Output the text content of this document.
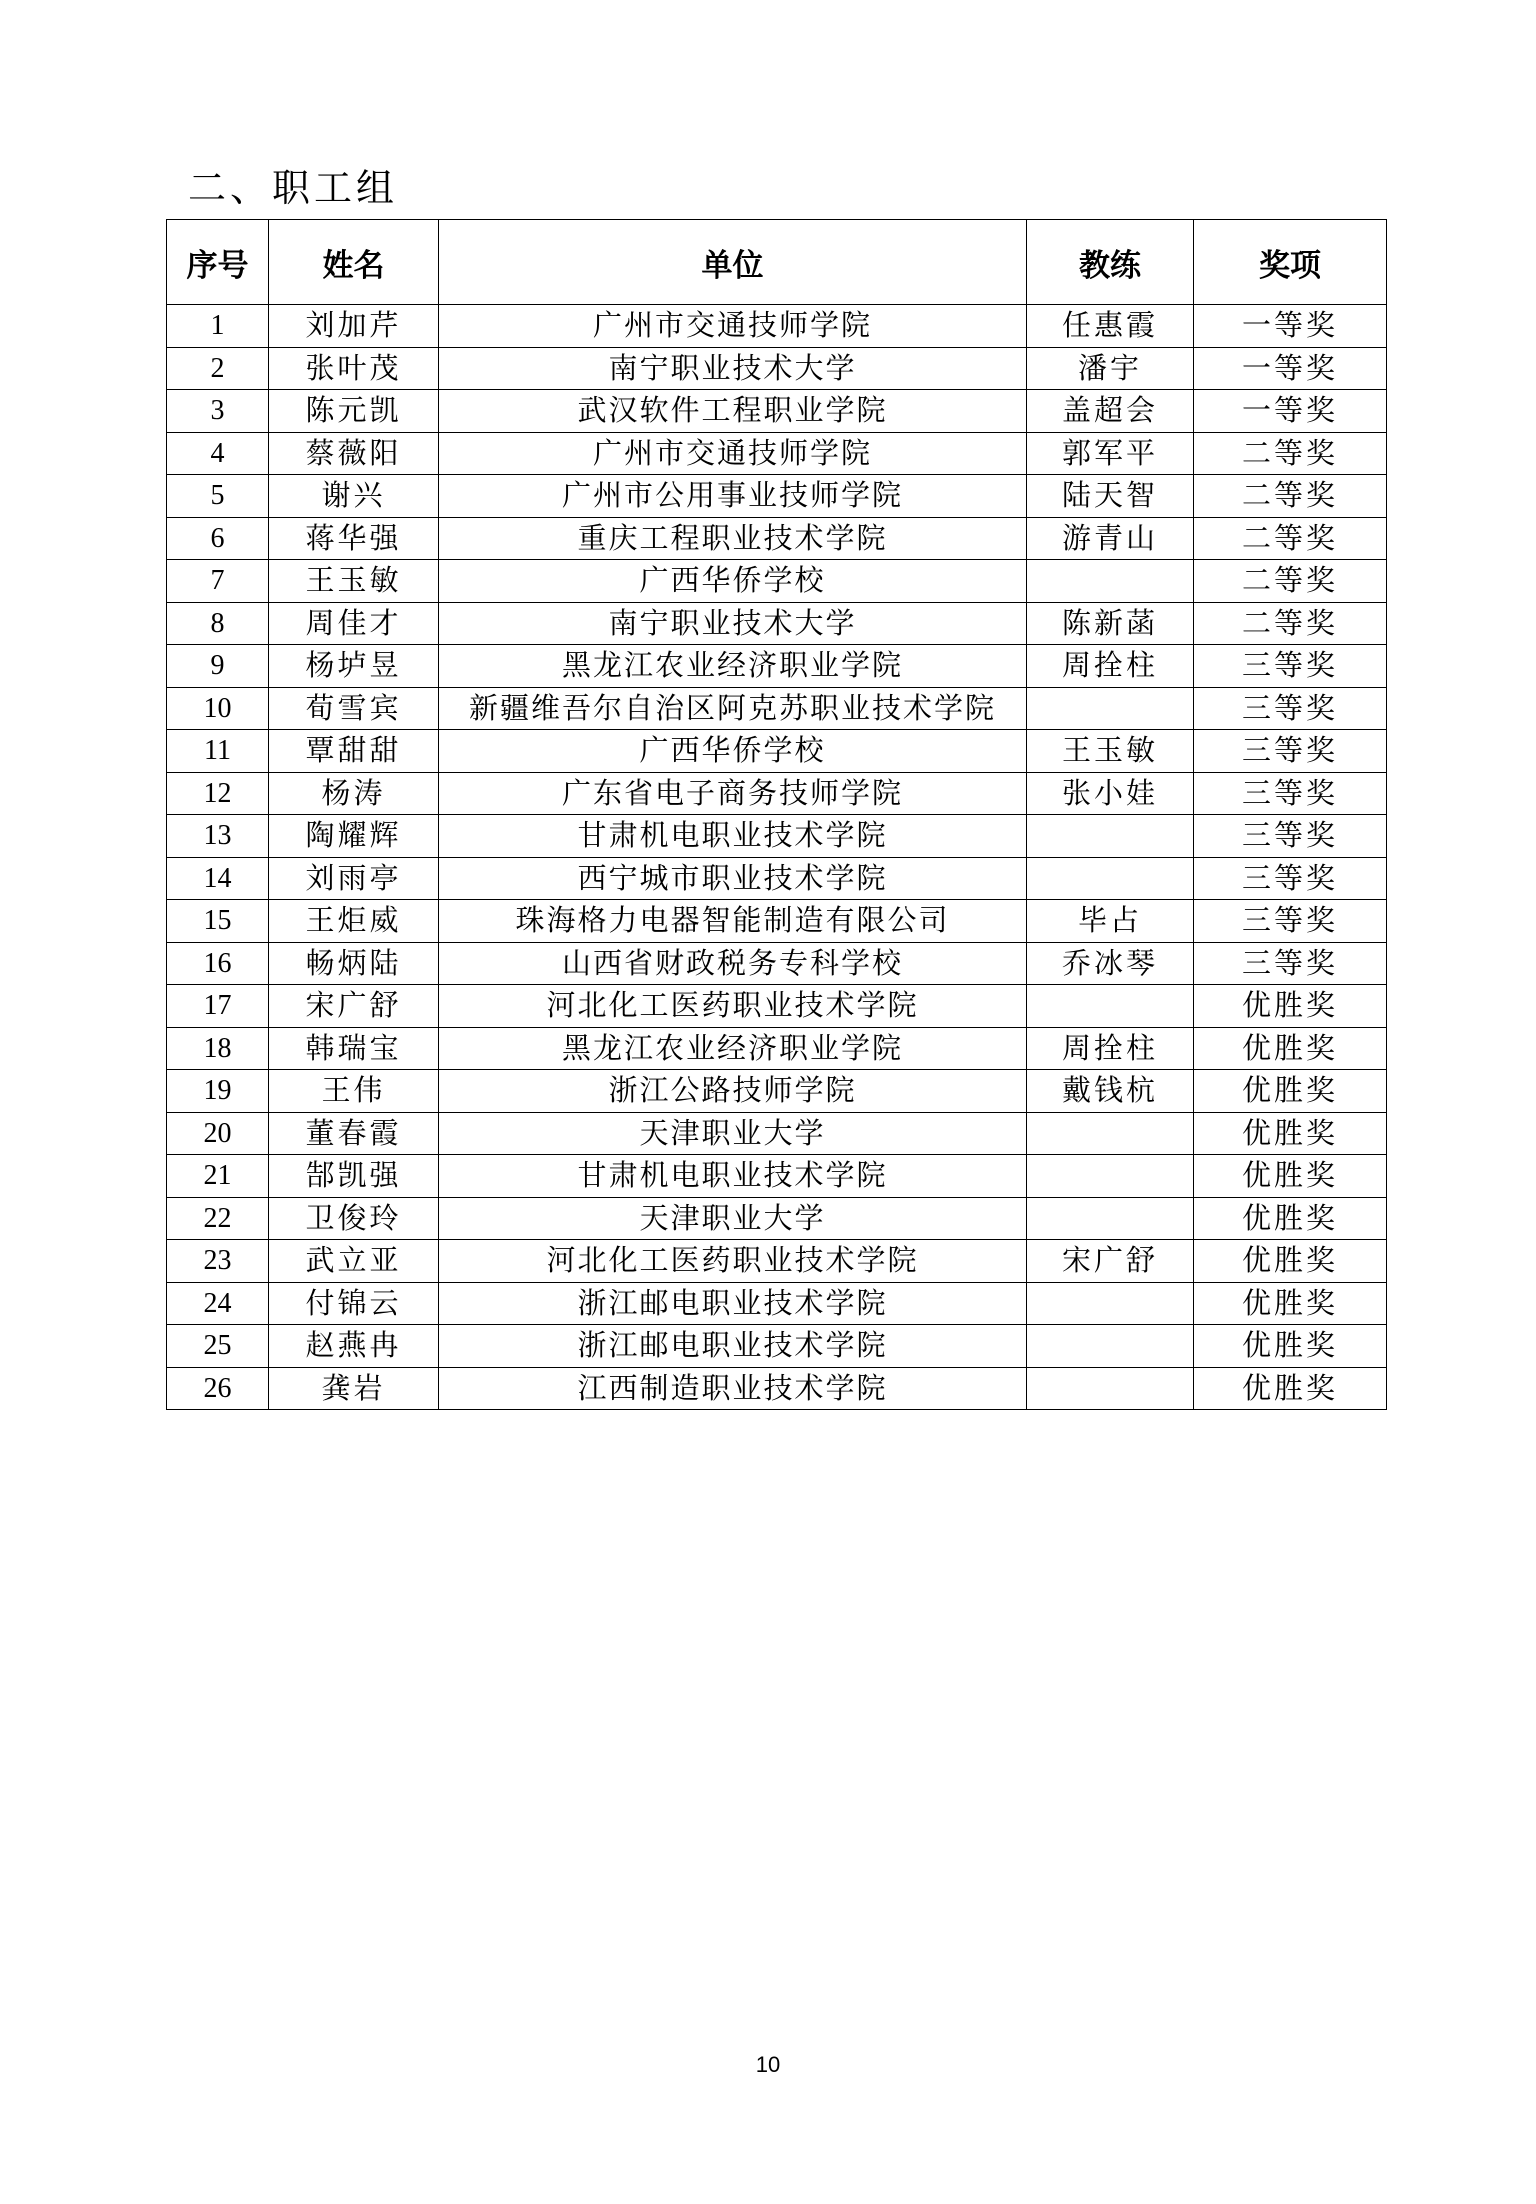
二、职工组
序号	姓名	单位	教练	奖项
1	刘加芹	广州市交通技师学院	任惠霞	一等奖
2	张叶茂	南宁职业技术大学	潘宇	一等奖
3	陈元凯	武汉软件工程职业学院	盖超会	一等奖
4	蔡薇阳	广州市交通技师学院	郭军平	二等奖
5	谢兴	广州市公用事业技师学院	陆天智	二等奖
6	蒋华强	重庆工程职业技术学院	游青山	二等奖
7	王玉敏	广西华侨学校		二等奖
8	周佳才	南宁职业技术大学	陈新菡	二等奖
9	杨垆昱	黑龙江农业经济职业学院	周拴柱	三等奖
10	荀雪宾	新疆维吾尔自治区阿克苏职业技术学院		三等奖
11	覃甜甜	广西华侨学校	王玉敏	三等奖
12	杨涛	广东省电子商务技师学院	张小娃	三等奖
13	陶耀辉	甘肃机电职业技术学院		三等奖
14	刘雨亭	西宁城市职业技术学院		三等奖
15	王炬威	珠海格力电器智能制造有限公司	毕占	三等奖
16	畅炳陆	山西省财政税务专科学校	乔冰琴	三等奖
17	宋广舒	河北化工医药职业技术学院		优胜奖
18	韩瑞宝	黑龙江农业经济职业学院	周拴柱	优胜奖
19	王伟	浙江公路技师学院	戴钱杭	优胜奖
20	董春霞	天津职业大学		优胜奖
21	郜凯强	甘肃机电职业技术学院		优胜奖
22	卫俊玲	天津职业大学		优胜奖
23	武立亚	河北化工医药职业技术学院	宋广舒	优胜奖
24	付锦云	浙江邮电职业技术学院		优胜奖
25	赵燕冉	浙江邮电职业技术学院		优胜奖
26	龚岩	江西制造职业技术学院		优胜奖
10
